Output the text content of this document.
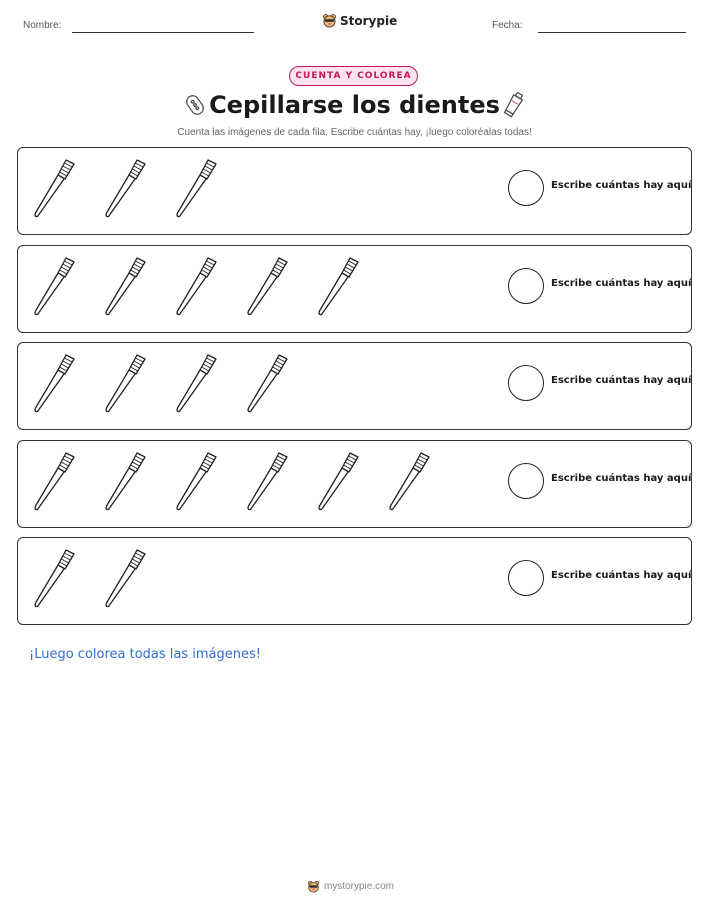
Nombre:	Storypie	Fecha:
CUENTA Y COLOREA
Cepillarse los dientes
Cuenta las imágenes de cada fila. Escribe cuántas hay, ¡luego coloréalas todas!
Escribe cuántas hay aquí
Escribe cuántas hay aquí
Escribe cuántas hay aquí
Escribe cuántas hay aquí
Escribe cuántas hay aquí
¡Luego colorea todas las imágenes!
mystorypie.com
